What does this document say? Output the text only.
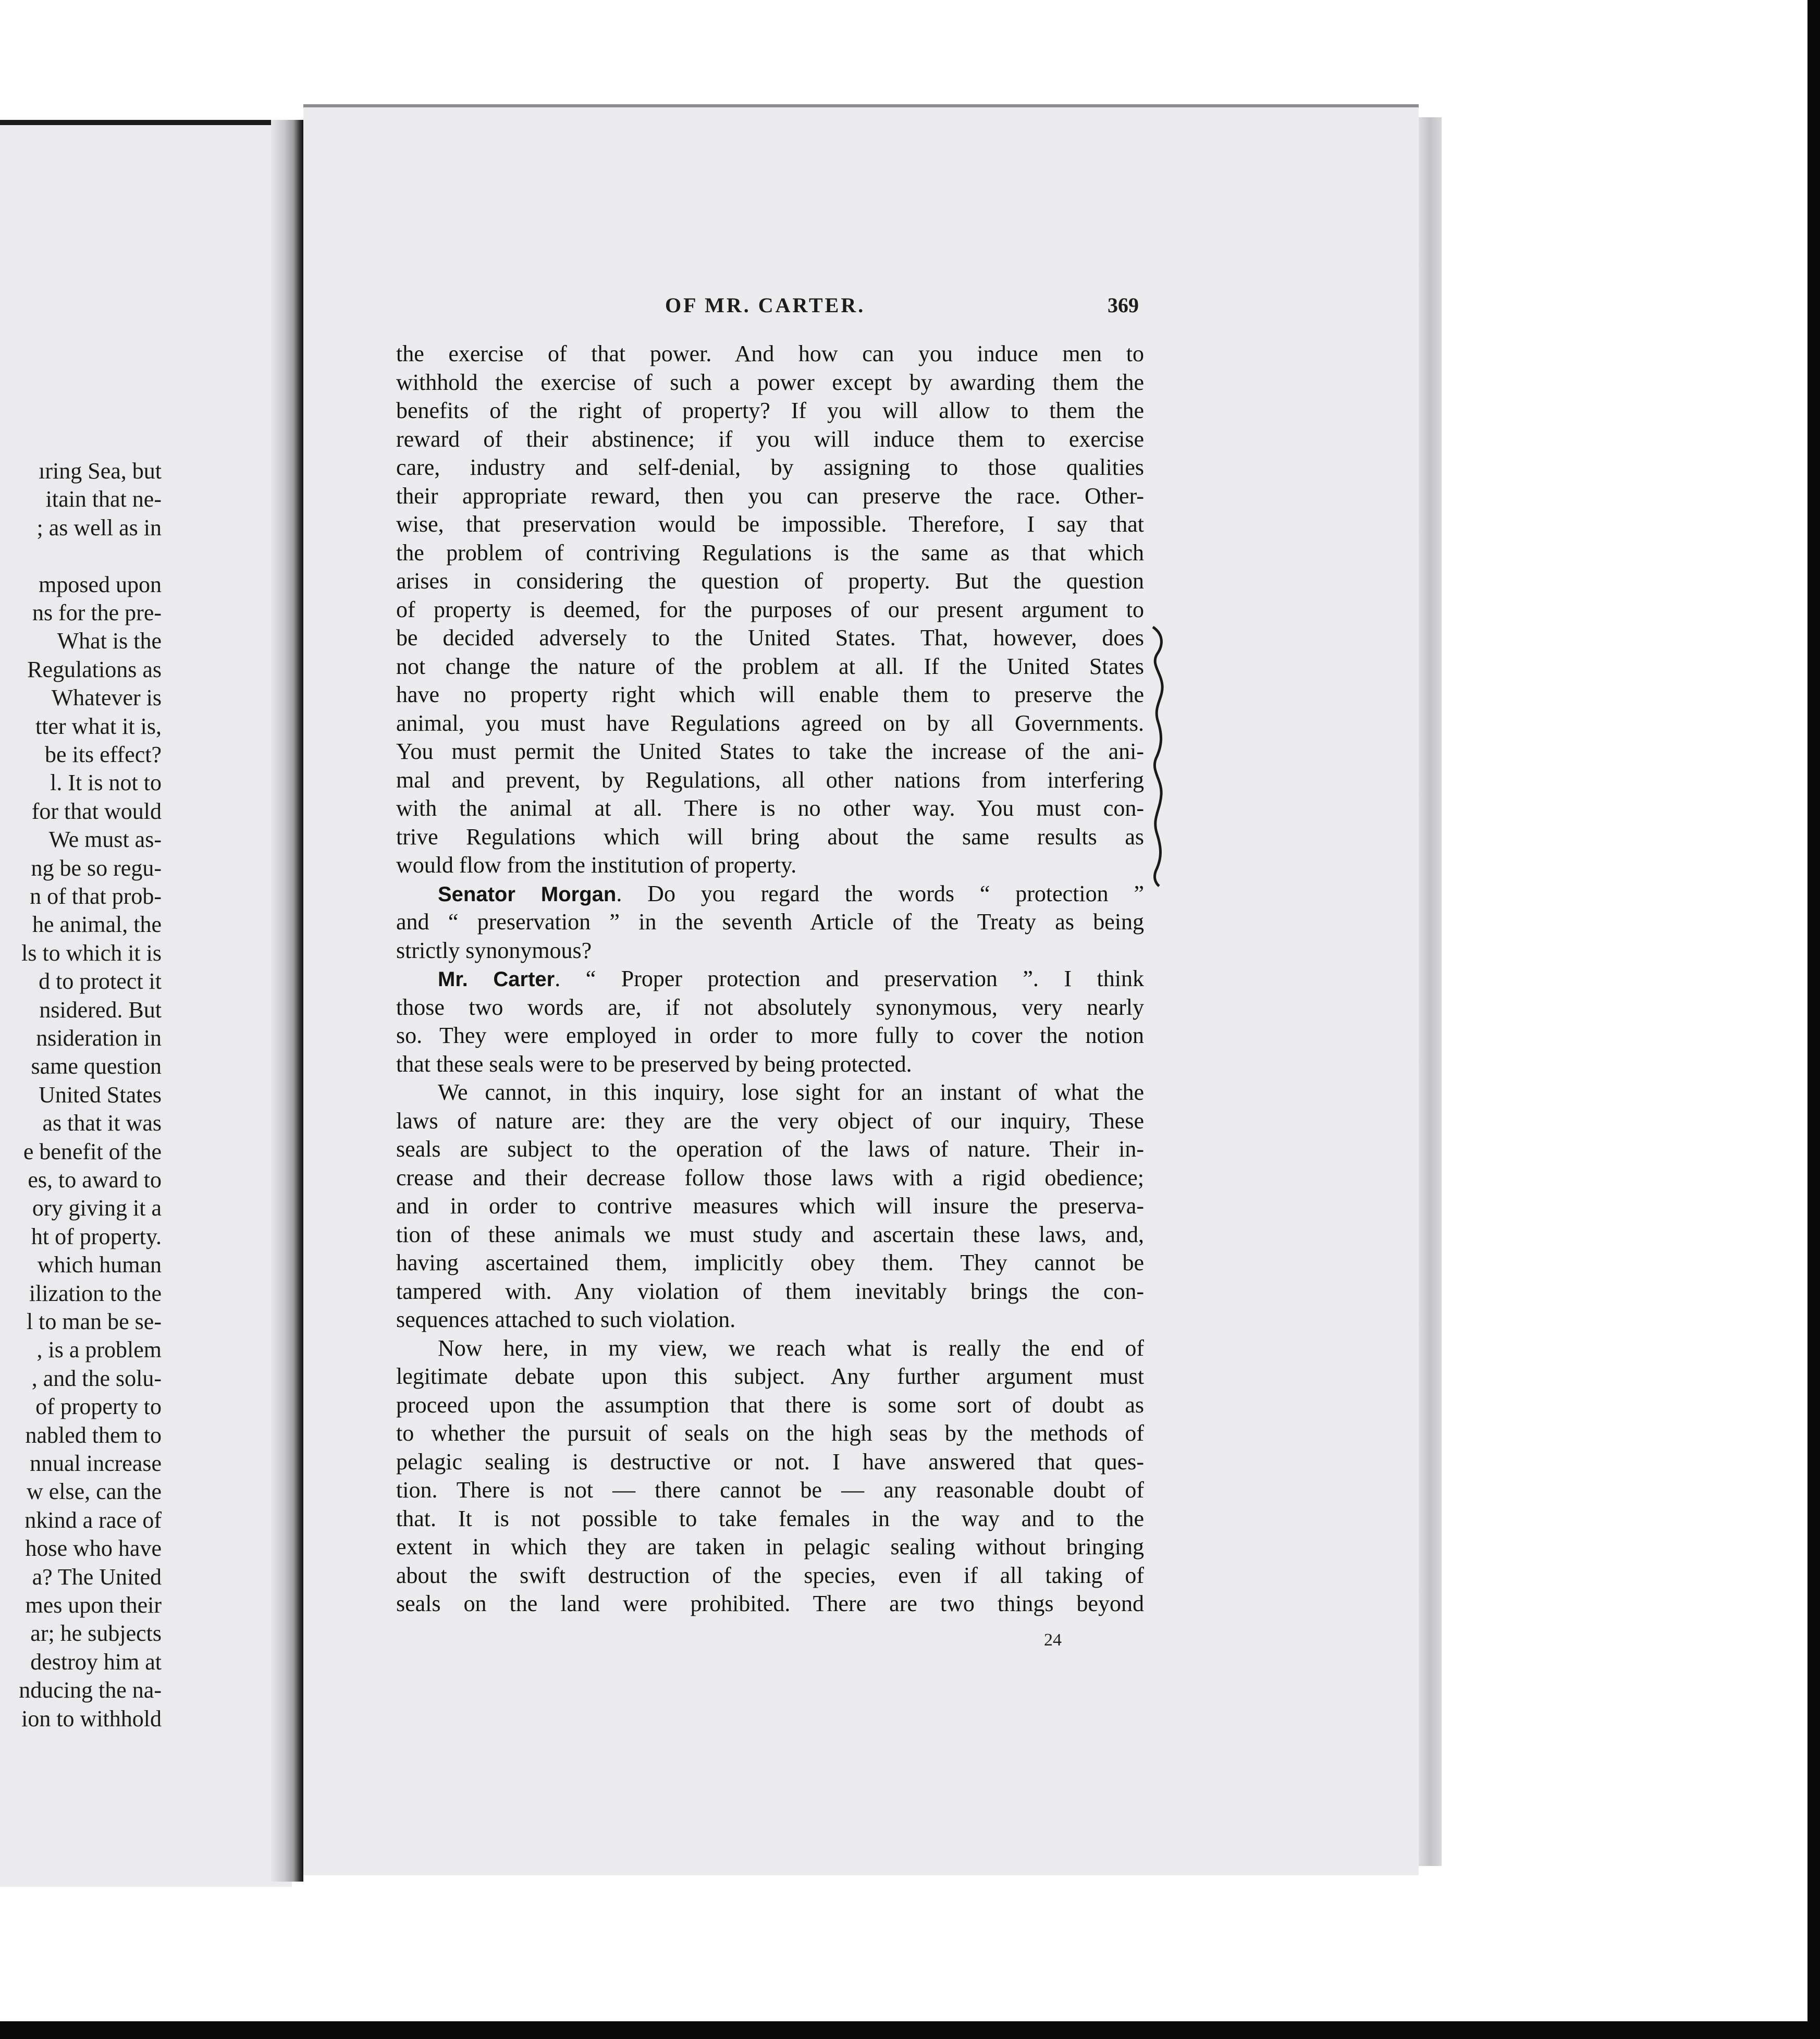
ıring Sea, but
itain that ne-
; as well as in
mposed upon
ns for the pre-
What is the
Regulations as
Whatever is
tter what it is,
be its effect?
l. It is not to
for that would
We must as-
ng be so regu-
n of that prob-
he animal, the
ls to which it is
d to protect it
nsidered. But
nsideration in
same question
United States
as that it was
e benefit of the
es, to award to
ory giving it a
ht of property.
which human
ilization to the
l to man be se-
, is a problem
, and the solu-
of property to
nabled them to
nnual increase
w else, can the
nkind a race of
hose who have
a? The United
mes upon their
ar; he subjects
destroy him at
nducing the na-
ion to withhold
OF MR. CARTER.	369
the exercise of that power. And how can you induce men to
withhold the exercise of such a power except by awarding them the
benefits of the right of property? If you will allow to them the
reward of their abstinence; if you will induce them to exercise
care, industry and self-denial, by assigning to those qualities
their appropriate reward, then you can preserve the race. Other-
wise, that preservation would be impossible. Therefore, I say that
the problem of contriving Regulations is the same as that which
arises in considering the question of property. But the question
of property is deemed, for the purposes of our present argument to
be decided adversely to the United States. That, however, does
not change the nature of the problem at all. If the United States
have no property right which will enable them to preserve the
animal, you must have Regulations agreed on by all Governments.
You must permit the United States to take the increase of the ani-
mal and prevent, by Regulations, all other nations from interfering
with the animal at all. There is no other way. You must con-
trive Regulations which will bring about the same results as
would flow from the institution of property.
Senator Morgan. Do you regard the words “ protection ”
and “ preservation ” in the seventh Article of the Treaty as being
strictly synonymous?
Mr. Carter. “ Proper protection and preservation ”. I think
those two words are, if not absolutely synonymous, very nearly
so. They were employed in order to more fully to cover the notion
that these seals were to be preserved by being protected.
We cannot, in this inquiry, lose sight for an instant of what the
laws of nature are: they are the very object of our inquiry, These
seals are subject to the operation of the laws of nature. Their in-
crease and their decrease follow those laws with a rigid obedience;
and in order to contrive measures which will insure the preserva-
tion of these animals we must study and ascertain these laws, and,
having ascertained them, implicitly obey them. They cannot be
tampered with. Any violation of them inevitably brings the con-
sequences attached to such violation.
Now here, in my view, we reach what is really the end of
legitimate debate upon this subject. Any further argument must
proceed upon the assumption that there is some sort of doubt as
to whether the pursuit of seals on the high seas by the methods of
pelagic sealing is destructive or not. I have answered that ques-
tion. There is not — there cannot be — any reasonable doubt of
that. It is not possible to take females in the way and to the
extent in which they are taken in pelagic sealing without bringing
about the swift destruction of the species, even if all taking of
seals on the land were prohibited. There are two things beyond
24
